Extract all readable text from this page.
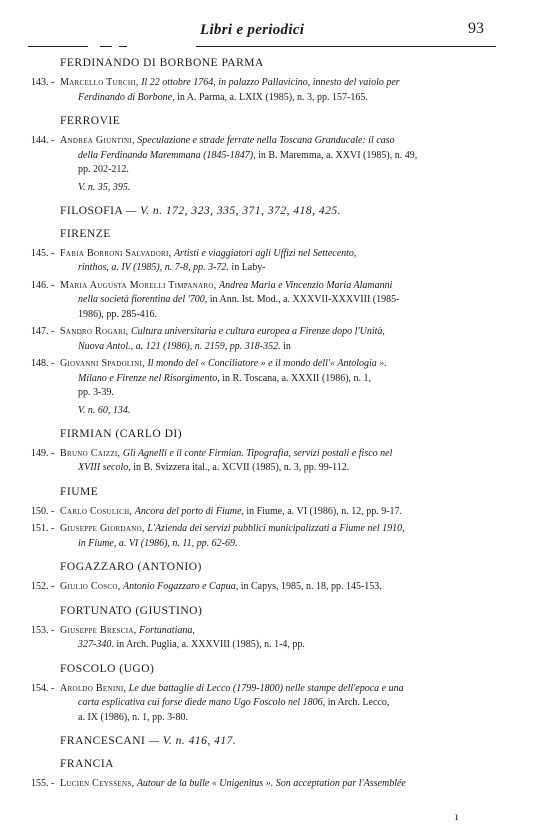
Libri e periodici	93
FERDINANDO DI BORBONE PARMA
143. - Marcello Turchi, Il 22 ottobre 1764, in palazzo Pallavicino, innesto del vaiolo per
Ferdinando di Borbone, in A. Parma, a. LXIX (1985), n. 3, pp. 157-165.
FERROVIE
144. - Andrea Giuntini, Speculazione e strade ferrate nella Toscana Granducale: il caso
della Ferdinanda Maremmana (1845-1847), in B. Maremma, a. XXVI (1985), n. 49,
pp. 202-212.
V. n. 35, 395.
FILOSOFIA — V. n. 172, 323, 335, 371, 372, 418, 425.
FIRENZE
145. - Fabia Borroni Salvadori, Artisti e viaggiatori agli Uffizi nel Settecento,
rinthos, a. IV (1985), n. 7-8, pp. 3-72. in Laby-
146. - Maria Augusta Morelli Timpanaro, Andrea Maria e Vincenzio Maria Alamanni
nella società fiorentina del '700, in Ann. Ist. Mod., a. XXXVII-XXXVIII (1985-
1986), pp. 285-416.
147. - Sandro Rogari, Cultura universitaria e cultura europea a Firenze dopo l'Unità,
Nuova Antol., a. 121 (1986), n. 2159, pp. 318-352. in
148. - Giovanni Spadolini, Il mondo del « Conciliatore » e il mondo dell'« Antologia ».
Milano e Firenze nel Risorgimento, in R. Toscana, a. XXXII (1986), n. 1,
pp. 3-39.
V. n. 60, 134.
FIRMIAN (CARLO DI)
149. - Bruno Caizzi, Gli Agnelli e il conte Firmian. Tipografia, servizi postali e fisco nel
XVIII secolo, in B. Svizzera ital., a. XCVII (1985), n. 3, pp. 99-112.
FIUME
150. - Carlo Cosulich, Ancora del porto di Fiume, in Fiume, a. VI (1986), n. 12, pp. 9-17.
151. - Giuseppe Giordano, L'Azienda dei servizi pubblici municipalizzati a Fiume nel 1910,
in Fiume, a. VI (1986), n. 11, pp. 62-69.
FOGAZZARO (ANTONIO)
152. - Giulio Cosco, Antonio Fogazzaro e Capua, in Capys, 1985, n. 18, pp. 145-153.
FORTUNATO (GIUSTINO)
153. - Giuseppe Brescia, Fortunatiana,
327-340. in Arch. Puglia, a. XXXVIII (1985), n. 1-4, pp.
FOSCOLO (UGO)
154. - Aroldo Benini, Le due battaglie di Lecco (1799-1800) nelle stampe dell'epoca e una
carta esplicativa cui forse diede mano Ugo Foscolo nel 1806, in Arch. Lecco,
a. IX (1986), n. 1, pp. 3-80.
FRANCESCANI — V. n. 416, 417.
FRANCIA
155. - Lucien Ceyssens, Autour de la bulle « Unigenitus ». Son acceptation par l'Assemblée
ı
